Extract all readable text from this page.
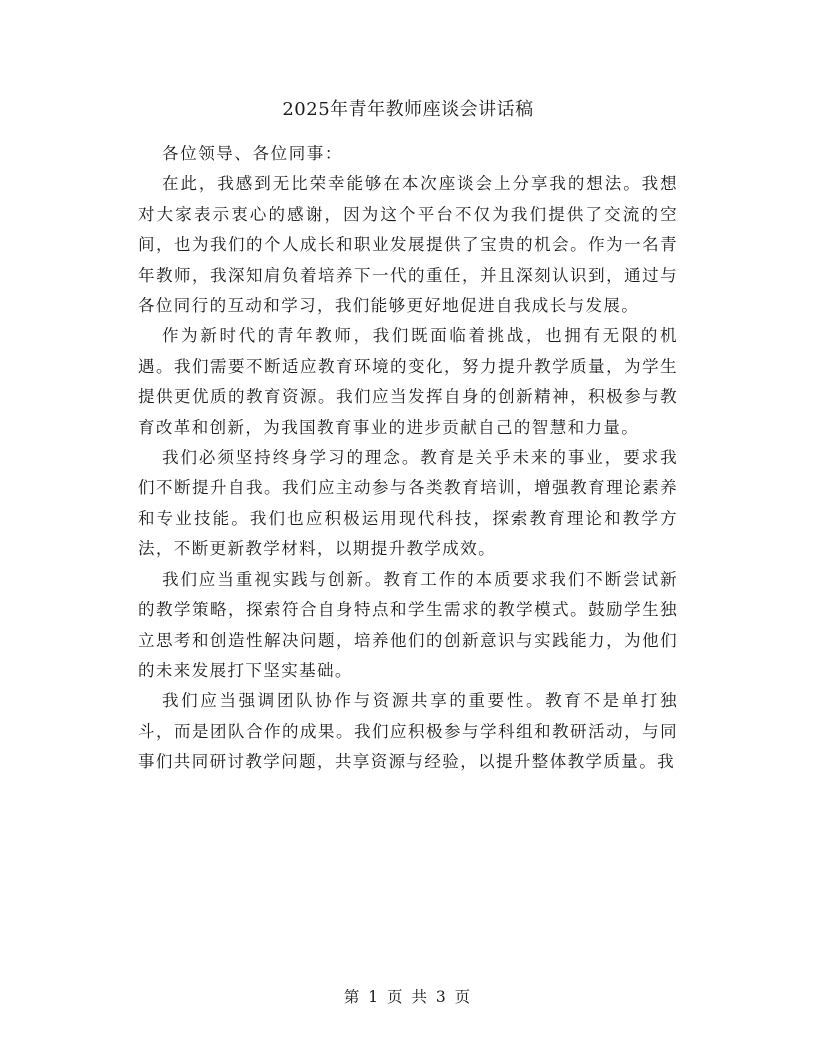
2025年青年教师座谈会讲话稿

各位领导、各位同事：

在此，我感到无比荣幸能够在本次座谈会上分享我的想法。我想对大家表示衷心的感谢，因为这个平台不仅为我们提供了交流的空间，也为我们的个人成长和职业发展提供了宝贵的机会。作为一名青年教师，我深知肩负着培养下一代的重任，并且深刻认识到，通过与各位同行的互动和学习，我们能够更好地促进自我成长与发展。

作为新时代的青年教师，我们既面临着挑战，也拥有无限的机遇。我们需要不断适应教育环境的变化，努力提升教学质量，为学生提供更优质的教育资源。我们应当发挥自身的创新精神，积极参与教育改革和创新，为我国教育事业的进步贡献自己的智慧和力量。

我们必须坚持终身学习的理念。教育是关乎未来的事业，要求我们不断提升自我。我们应主动参与各类教育培训，增强教育理论素养和专业技能。我们也应积极运用现代科技，探索教育理论和教学方法，不断更新教学材料，以期提升教学成效。

我们应当重视实践与创新。教育工作的本质要求我们不断尝试新的教学策略，探索符合自身特点和学生需求的教学模式。鼓励学生独立思考和创造性解决问题，培养他们的创新意识与实践能力，为他们的未来发展打下坚实基础。

我们应当强调团队协作与资源共享的重要性。教育不是单打独斗，而是团队合作的成果。我们应积极参与学科组和教研活动，与同事们共同研讨教学问题，共享资源与经验，以提升整体教学质量。我

第 1 页 共 3 页
